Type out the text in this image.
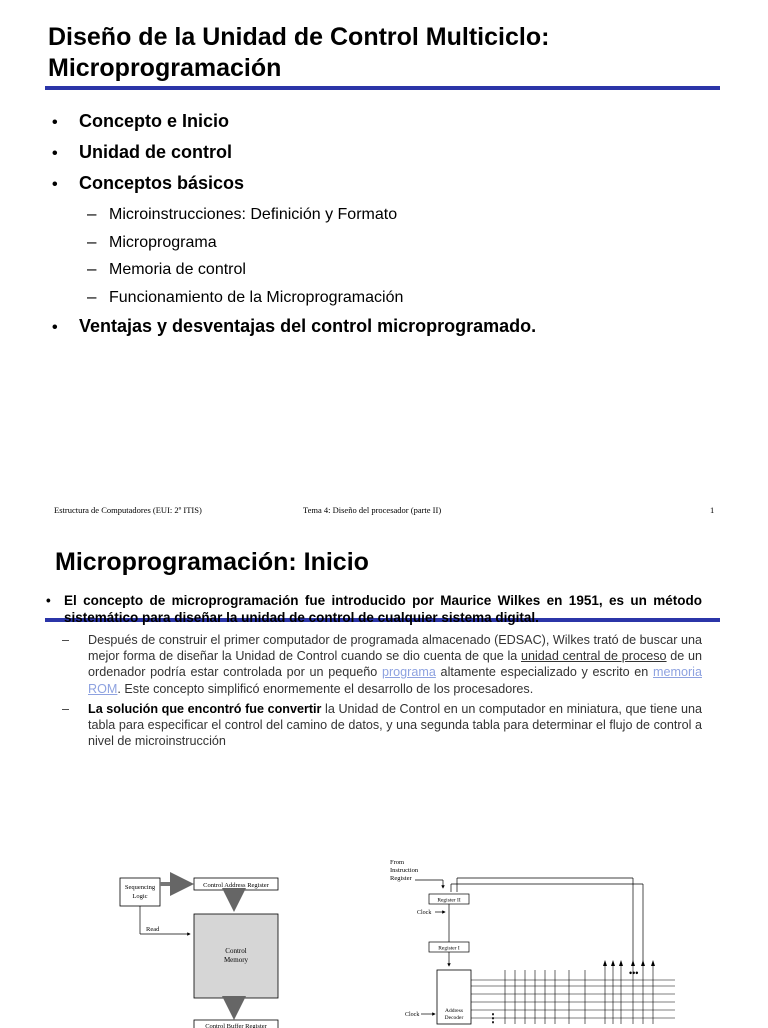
Diseño de la Unidad de Control Multiciclo:
Microprogramación
•	Concepto e Inicio
•	Unidad de control
•	Conceptos básicos
– Microinstrucciones: Definición y Formato
– Microprograma
– Memoria de control
– Funcionamiento de la Microprogramación
•	Ventajas y desventajas del control microprogramado.
Estructura de Computadores (EUI: 2º ITIS)	Tema 4: Diseño del procesador (parte II)	1
Microprogramación: Inicio
• El concepto de microprogramación fue introducido por Maurice Wilkes en 1951, es un método sistemático para diseñar la unidad de control de cualquier sistema digital.
–	Después de construir el primer computador de programada almacenado (EDSAC), Wilkes trató de buscar una mejor forma de diseñar la Unidad de Control cuando se dio cuenta de que la unidad central de proceso de un ordenador podría estar controlada por un pequeño programa altamente especializado y escrito en memoria ROM. Este concepto simplificó enormemente el desarrollo de los procesadores.
–	La solución que encontró fue convertir la Unidad de Control en un computador en miniatura, que tiene una tabla para especificar el control del camino de datos, y una segunda tabla para determinar el flujo de control a nivel de microinstrucción
Sequencing
Logic
Control Address Register
Read
Control
Memory
Control Buffer Register
From
Instruction
Register
Register II
Clock
Register I
Address
Decoder
Clock	⋮
•••
